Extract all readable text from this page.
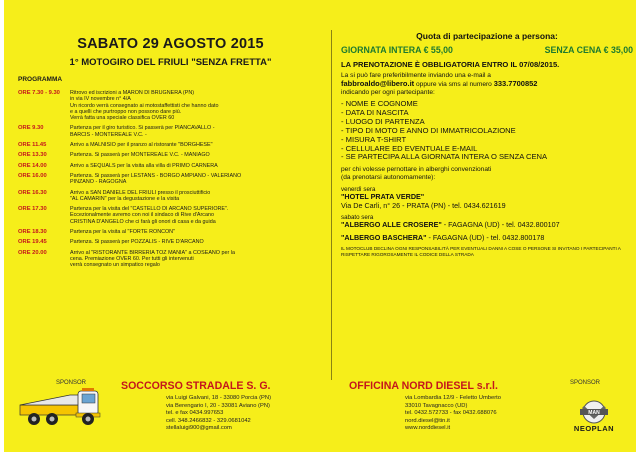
SABATO 29 AGOSTO 2015
1° MOTOGIRO DEL FRIULI "SENZA FRETTA"
PROGRAMMA
ORE 7.30 - 9.30	Ritrovo ed iscrizioni a MARON DI BRUGNERA (PN)
in via IV novembre n° 4/A
Un ricordo verrà consegnato ai motostaffettisti che hanno dato
e a quelli che purtroppo non possono dare più.
Verrà fatta una speciale classifica OVER 60
ORE 9.30	Partenza per il giro turistico. Si passerà per PIANCAVALLO -
BARCIS - MONTEREALE V.C. -
ORE 11.45	Arrivo a MALNISIO per il pranzo al ristorante "BORGHESE"
ORE 13.30	Partenza. Si passerà per MONTEREALE V.C. - MANIAGO
ORE 14.00	Arrivo a SEQUALS per la visita alla villa di PRIMO CARNERA
ORE 16.00	Partenza. Si passerà per LESTANS - BORGO AMPIANO - VALERIANO
PINZANO - RAGOGNA
ORE 16.30	Arrivo a SAN DANIELE DEL FRIULI presso il prosciuttificio
"AL CAMARIN" per la degustazione e la visita
ORE 17.30	Partenza per la visita del "CASTELLO DI ARCANO SUPERIORE".
Eccezionalmente avremo con noi il sindaco di Rive d'Arcano
CRISTINA D'ANGELO che ci farà gli onori di casa e da guida
ORE 18.30	Partenza per la visita al "FORTE RONCON"
ORE 19.45	Partenza. Si passerà per POZZALIS - RIVE D'ARCANO
ORE 20.00	Arrivo al "RISTORANTE BIRRERIA TOZ MANIA" a COSEANO per la
cena. Premiazione OVER 60. Per tutti gli intervenuti
verrà consegnato un simpatico regalo
Quota di partecipazione a persona:
GIORNATA INTERA € 55,00	SENZA CENA € 35,00
LA PRENOTAZIONE È OBBLIGATORIA ENTRO IL 07/08/2015.
La si può fare preferibilmente inviando una e-mail a
fabbroaldo@libero.it oppure via sms al numero 333.7700852
indicando per ogni partecipante:
- NOME E COGNOME
- DATA DI NASCITA
- LUOGO DI PARTENZA
- TIPO DI MOTO E ANNO DI IMMATRICOLAZIONE
- MISURA T-SHIRT
- CELLULARE ED EVENTUALE E-MAIL
- SE PARTECIPA ALLA GIORNATA INTERA O SENZA CENA
per chi volesse pernottare in alberghi convenzionati
(da prenotarsi autonomamente):
venerdì sera
"HOTEL PRATA VERDE"
Via De Carli, n° 26 - PRATA (PN) - tel. 0434.621619
sabato sera
"ALBERGO ALLE CROSERE" - FAGAGNA (UD) - tel. 0432.800107
"ALBERGO BASCHERA" - FAGAGNA (UD) - tel. 0432.800178
IL MOTOCLUB DECLINA OGNI RESPONSABILITÀ PER EVENTUALI DANNI A COSE O PERSONE SI INVITANO I PARTECIPANTI A RISPETTARE RIGOROSAMENTE IL CODICE DELLA STRADA
SPONSOR	SPONSOR
SOCCORSO STRADALE S. G.
via Luigi Galvani, 18 - 33080 Porcia (PN)
via Berengario I, 20 - 33081 Aviano (PN)
tel. e fax 0434.997653
cell. 348.2466832 - 329.0681042
stellaluigi900@gmail.com
OFFICINA NORD DIESEL s.r.l.
via Lombardia 12/9 - Feletto Umberto
33010 Tavagnacco (UD)
tel. 0432.572733 - fax 0432.688076
nord.diesel@tin.it
www.norddiesel.it
MAN
NEOPLAN
